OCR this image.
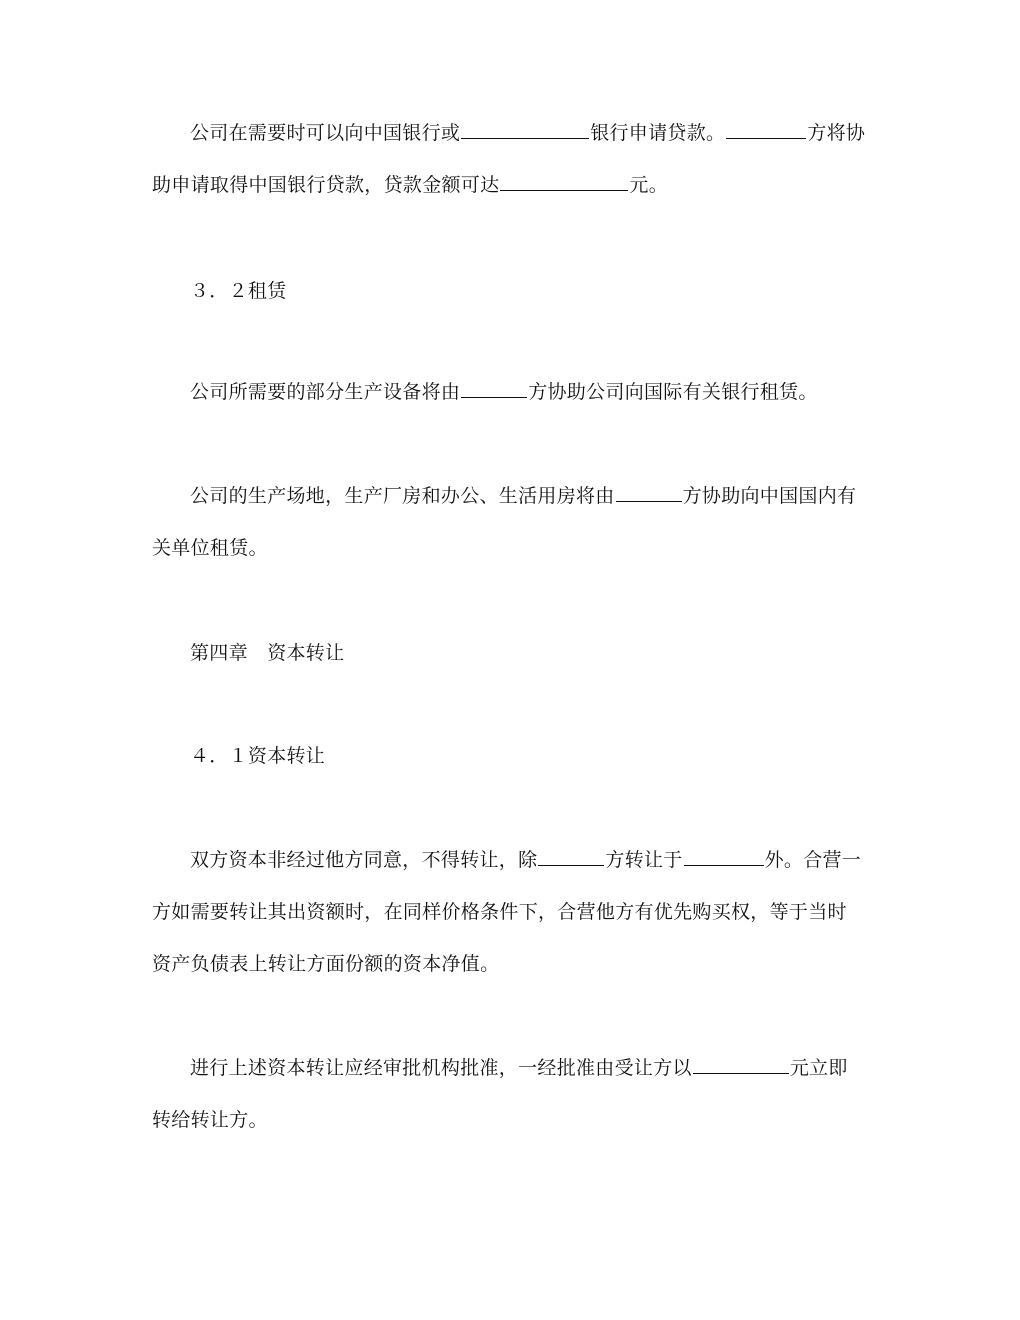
公司在需要时可以向中国银行或	银行申请贷款。	方将协
助申请取得中国银行贷款，贷款金额可达	元。
３．２租赁
公司所需要的部分生产设备将由	方协助公司向国际有关银行租赁。
公司的生产场地，生产厂房和办公、生活用房将由	方协助向中国国内有
关单位租赁。
第四章　资本转让
４．１资本转让
双方资本非经过他方同意，不得转让，除	方转让于	外。合营一
方如需要转让其出资额时，在同样价格条件下，合营他方有优先购买权，等于当时
资产负债表上转让方面份额的资本净值。
进行上述资本转让应经审批机构批准，一经批准由受让方以	元立即
转给转让方。
